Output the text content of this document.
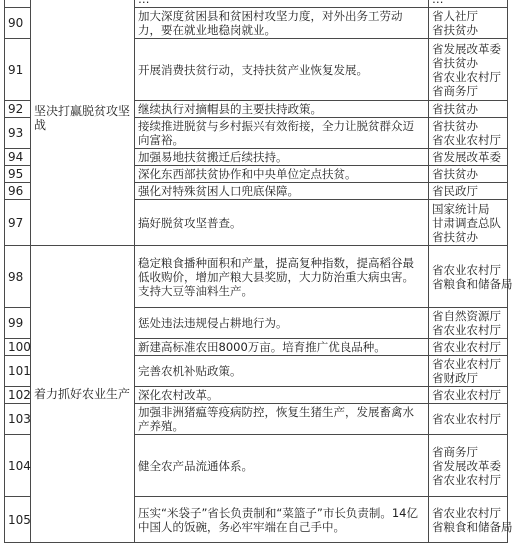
	坚决打赢脱贫攻坚战		

90		加大深度贫困县和贫困村攻坚力度，对外出务工劳动力，要在就业地稳岗就业。	省人社厅
省扶贫办

91		开展消费扶贫行动，支持扶贫产业恢复发展。	省发展改革委
省扶贫办
省农业农村厅
省商务厅

92		继续执行对摘帽县的主要扶持政策。	省扶贫办

93		接续推进脱贫与乡村振兴有效衔接，全力让脱贫群众迈向富裕。	省扶贫办
省农业农村厅

94		加强易地扶贫搬迁后续扶持。	省发展改革委

95		深化东西部扶贫协作和中央单位定点扶贫。	省扶贫办

96		强化对特殊贫困人口兜底保障。	省民政厅

97		搞好脱贫攻坚普查。	国家统计局
甘肃调查总队
省扶贫办

98	着力抓好农业生产	稳定粮食播种面积和产量，提高复种指数，提高稻谷最低收购价，增加产粮大县奖励，大力防治重大病虫害。支持大豆等油料生产。	省农业农村厅
省粮食和储备局

99		惩处违法违规侵占耕地行为。	省自然资源厅
省农业农村厅

100		新建高标准农田8000万亩。培育推广优良品种。	省农业农村厅

101		完善农机补贴政策。	省农业农村厅
省财政厅

102		深化农村改革。	省农业农村厅

103		加强非洲猪瘟等疫病防控，恢复生猪生产，发展畜禽水产养殖。	省农业农村厅

104		健全农产品流通体系。	省商务厅
省发展改革委
省农业农村厅

105		压实“米袋子”省长负责制和“菜篮子”市长负责制。14亿中国人的饭碗，务必牢牢端在自己手中。	省农业农村厅
省粮食和储备局
